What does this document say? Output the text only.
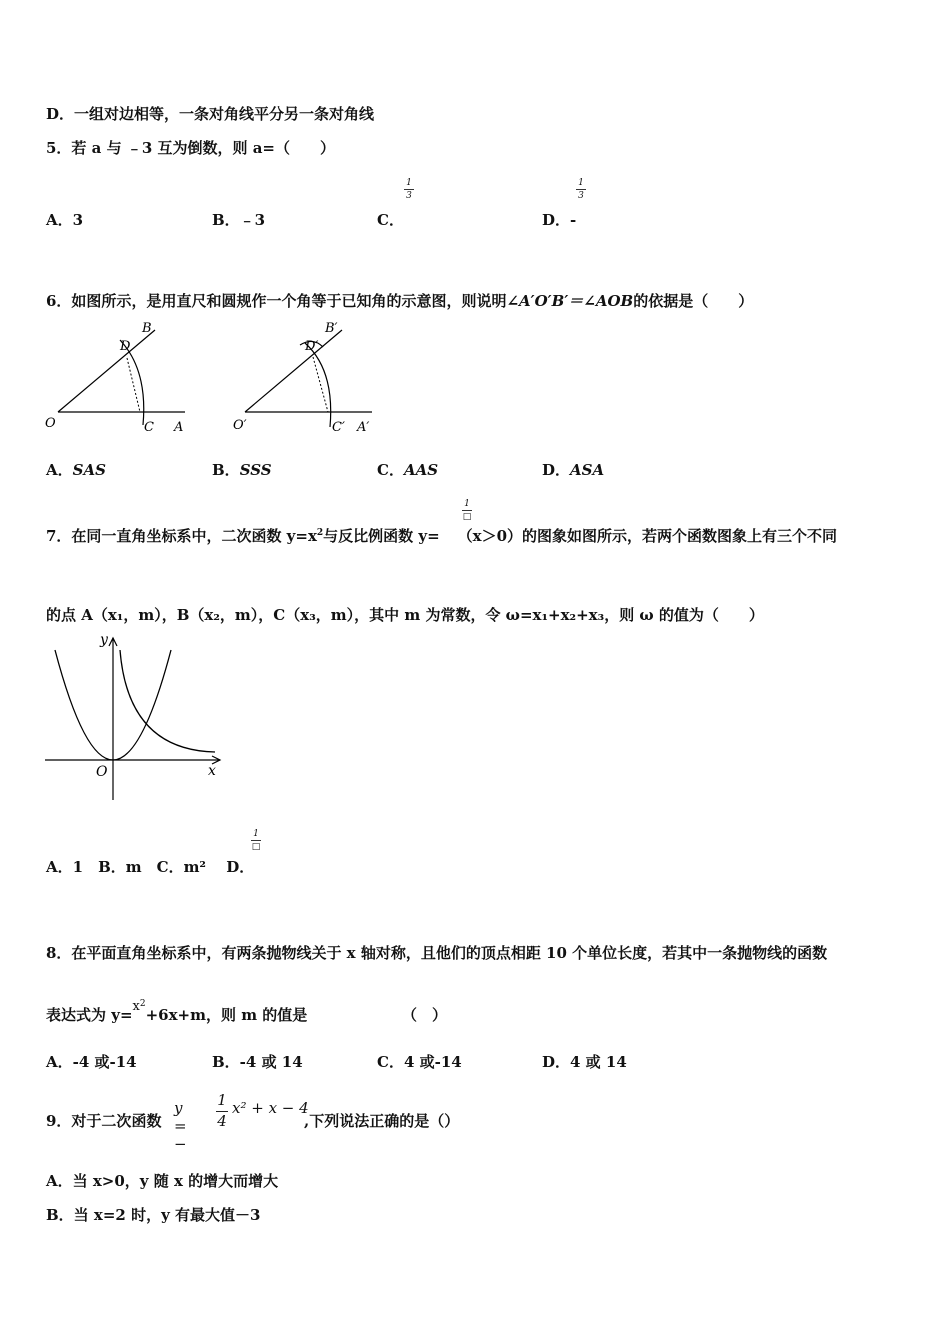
D．一组对边相等，一条对角线平分另一条对角线
5．若 a 与 ﹣3 互为倒数，则 a=（　　）
A．3	B．﹣3	C．
1
3
D．-
1
3
6．如图所示，是用直尺和圆规作一个角等于已知角的示意图，则说明∠A′O′B′＝∠AOB的依据是（　　）
O	C A
D
B
O′	C′ A′
D′
B′
A．SAS	B．SSS	C．AAS	D．ASA
7．在同一直角坐标系中，二次函数 $y=x^2$与反比例函数 y= （x＞0）的图象如图所示，若两个函数图象上有三个不同
1
□
的点 A（x₁，m），B（x₂，m），C（x₃，m），其中 m 为常数，令 ω=x₁+x₂+x₃，则 ω 的值为（　　）
y
x
O
A．1　B．m　C．m² 　D．
1
□
8．在平面直角坐标系中，有两条抛物线关于 x 轴对称，且他们的顶点相距 10 个单位长度，若其中一条抛物线的函数
表达式为 $y=x^2+6x+m$，则 m 的值是	（　）
A．-4 或-14	B．-4 或 14	C．4 或-14	D．4 或 14
9．对于二次函数
y = −
1
4
x² + x − 4
,下列说法正确的是（）
A．当 x>0，y 随 x 的增大而增大
B．当 x=2 时，y 有最大值－3
